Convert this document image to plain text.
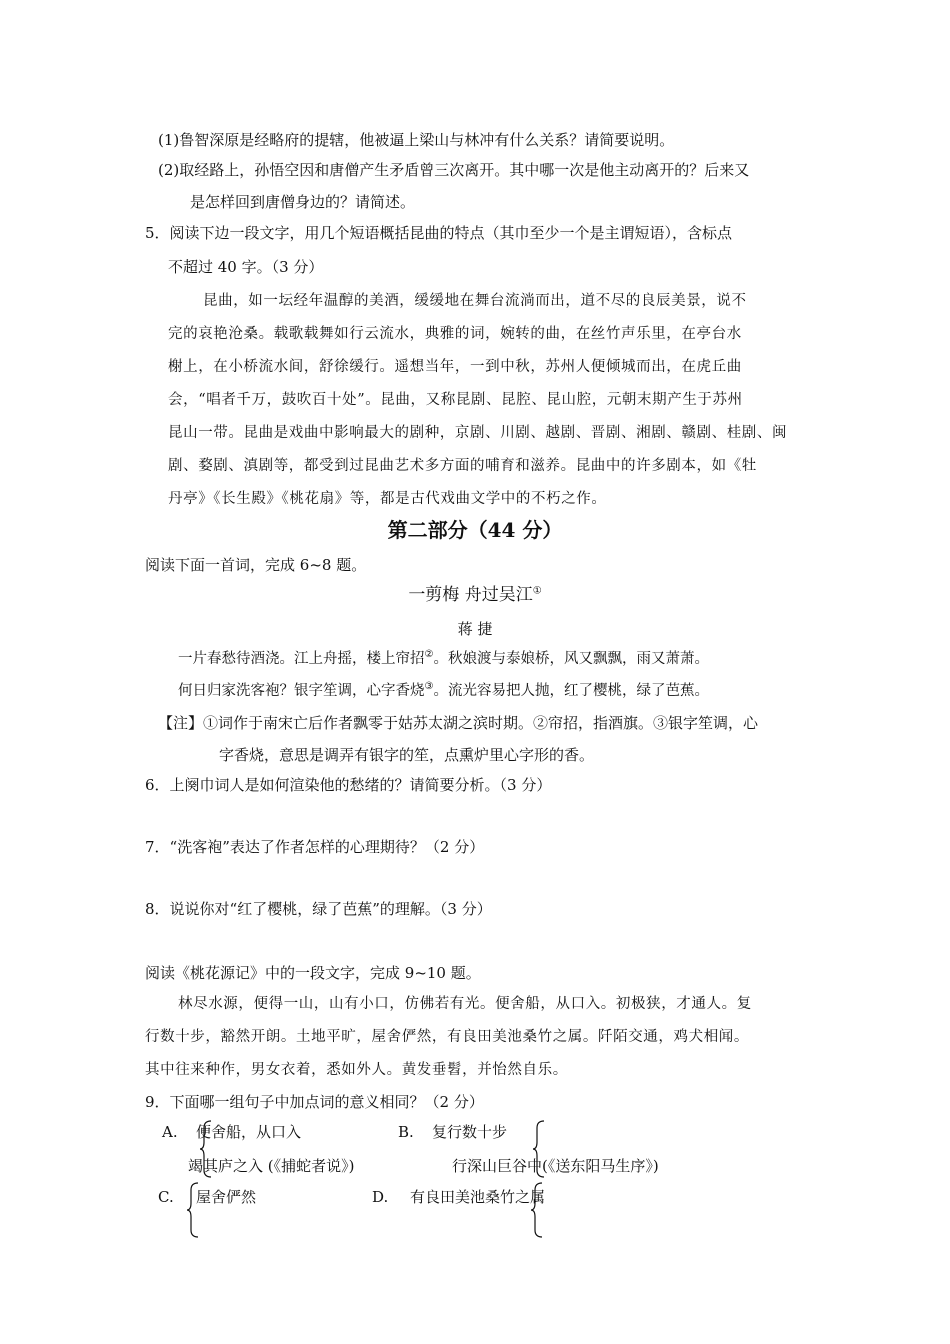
(1)鲁智深原是经略府的提辖，他被逼上梁山与林冲有什么关系？请简要说明。
(2)取经路上，孙悟空因和唐僧产生矛盾曾三次离开。其中哪一次是他主动离开的？后来又
是怎样回到唐僧身边的？请简述。
5．阅读下边一段文字，用几个短语概括昆曲的特点（其巾至少一个是主谓短语），含标点
不超过 40 字。（3 分）
昆曲，如一坛经年温醇的美酒，缓缓地在舞台流淌而出，道不尽的良辰美景，说不
完的哀艳沧桑。载歌载舞如行云流水，典雅的词，婉转的曲，在丝竹声乐里，在亭台水
榭上，在小桥流水间，舒徐缓行。遥想当年，一到中秋，苏州人便倾城而出，在虎丘曲
会，“唱者千万，鼓吹百十处”。昆曲，又称昆剧、昆腔、昆山腔，元朝末期产生于苏州
昆山一带。昆曲是戏曲中影响最大的剧种，京剧、川剧、越剧、晋剧、湘剧、赣剧、桂剧、闽
剧、婺剧、滇剧等，都受到过昆曲艺术多方面的哺育和滋养。昆曲中的许多剧本，如《牡
丹亭》《长生殿》《桃花扇》等，都是古代戏曲文学中的不朽之作。
第二部分（44 分）
阅读下面一首词，完成 6~8 题。
一剪梅 舟过吴江①
蒋 捷
一片春愁待酒浇。江上舟摇，楼上帘招②。秋娘渡与泰娘桥，风又飘飘，雨又萧萧。
何日归家洗客袍？银字笙调，心字香烧③。流光容易把人抛，红了樱桃，绿了芭蕉。
【注】①词作于南宋亡后作者飘零于姑苏太湖之滨时期。②帘招，指酒旗。③银字笙调，心
字香烧，意思是调弄有银字的笙，点熏炉里心字形的香。
6．上阕巾词人是如何渲染他的愁绪的？请简要分析。（3 分）
7．“洗客袍”表达了作者怎样的心理期待？（2 分）
8．说说你对“红了樱桃，绿了芭蕉”的理解。（3 分）
阅读《桃花源记》中的一段文字，完成 9~10 题。
林尽水源，便得一山，山有小口，仿佛若有光。便舍船，从口入。初极狭，才通人。复
行数十步，豁然开朗。土地平旷，屋舍俨然，有良田美池桑竹之属。阡陌交通，鸡犬相闻。
其中往来种作，男女衣着，悉如外人。黄发垂髫，并怡然自乐。
9．下面哪一组句子中加点词的意义相同？（2 分）
A. 便舍船，从口入
竭其庐之入 (《捕蛇者说》)
B. 复行数十步
行深山巨谷中(《送东阳马生序》)
C. 屋舍俨然	D. 有良田美池桑竹之属
